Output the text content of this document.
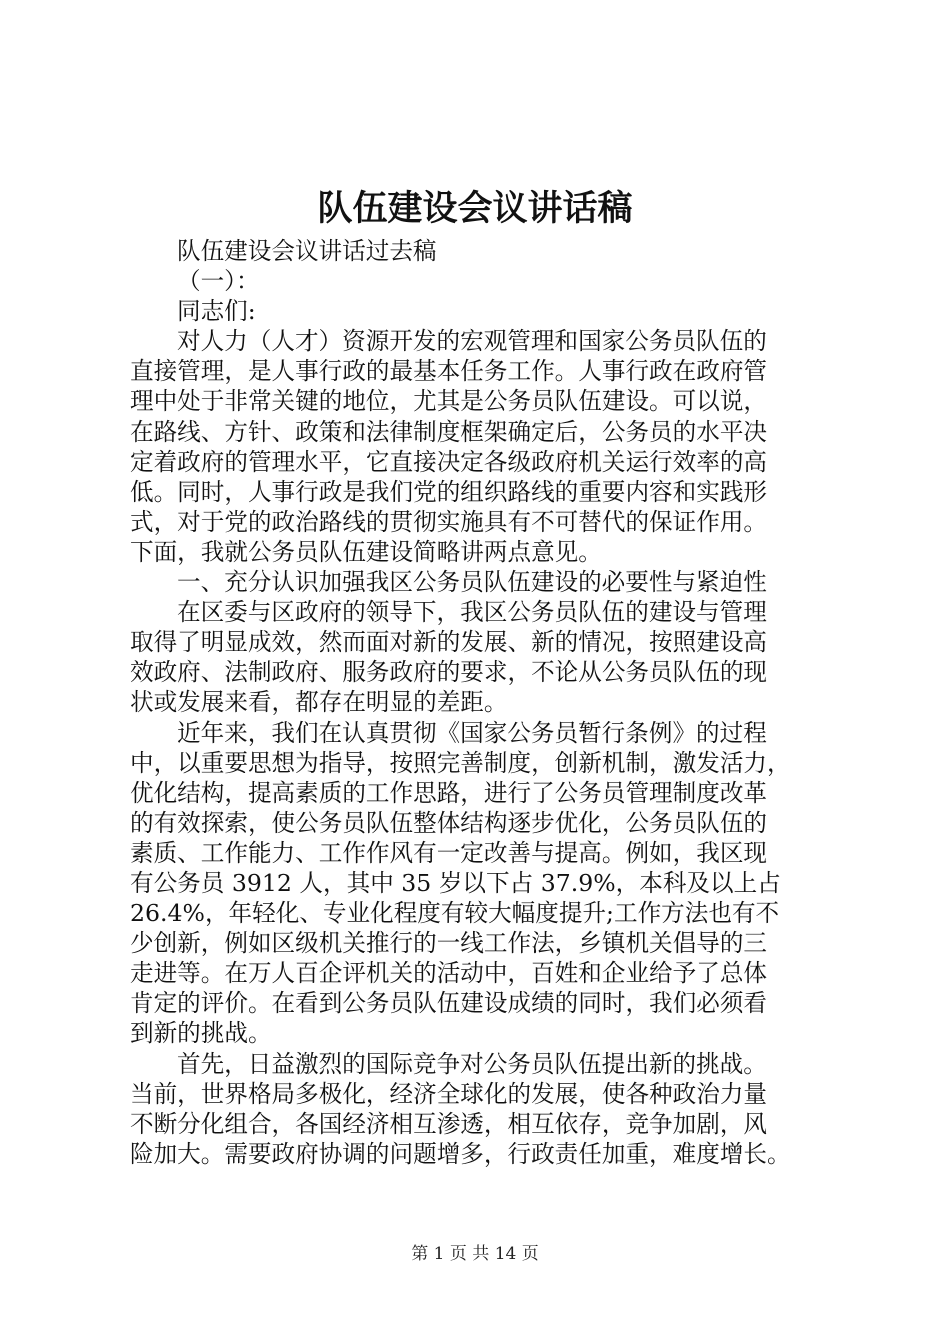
队伍建设会议讲话稿
队伍建设会议讲话过去稿
（一）：
同志们:
对人力（人才）资源开发的宏观管理和国家公务员队伍的
直接管理，是人事行政的最基本任务工作。人事行政在政府管
理中处于非常关键的地位，尤其是公务员队伍建设。可以说，
在路线、方针、政策和法律制度框架确定后，公务员的水平决
定着政府的管理水平，它直接决定各级政府机关运行效率的高
低。同时，人事行政是我们党的组织路线的重要内容和实践形
式，对于党的政治路线的贯彻实施具有不可替代的保证作用。
下面，我就公务员队伍建设简略讲两点意见。
一、充分认识加强我区公务员队伍建设的必要性与紧迫性
在区委与区政府的领导下，我区公务员队伍的建设与管理
取得了明显成效，然而面对新的发展、新的情况，按照建设高
效政府、法制政府、服务政府的要求，不论从公务员队伍的现
状或发展来看，都存在明显的差距。
近年来，我们在认真贯彻《国家公务员暂行条例》的过程
中，以重要思想为指导，按照完善制度，创新机制，激发活力，
优化结构，提高素质的工作思路，进行了公务员管理制度改革
的有效探索，使公务员队伍整体结构逐步优化，公务员队伍的
素质、工作能力、工作作风有一定改善与提高。例如，我区现
有公务员 3912 人，其中 35 岁以下占 37.9%，本科及以上占
26.4%，年轻化、专业化程度有较大幅度提升;工作方法也有不
少创新，例如区级机关推行的一线工作法，乡镇机关倡导的三
走进等。在万人百企评机关的活动中，百姓和企业给予了总体
肯定的评价。在看到公务员队伍建设成绩的同时，我们必须看
到新的挑战。
首先，日益激烈的国际竞争对公务员队伍提出新的挑战。
当前，世界格局多极化，经济全球化的发展，使各种政治力量
不断分化组合，各国经济相互渗透，相互依存，竞争加剧，风
险加大。需要政府协调的问题增多，行政责任加重，难度增长。
第 1 页 共 14 页
